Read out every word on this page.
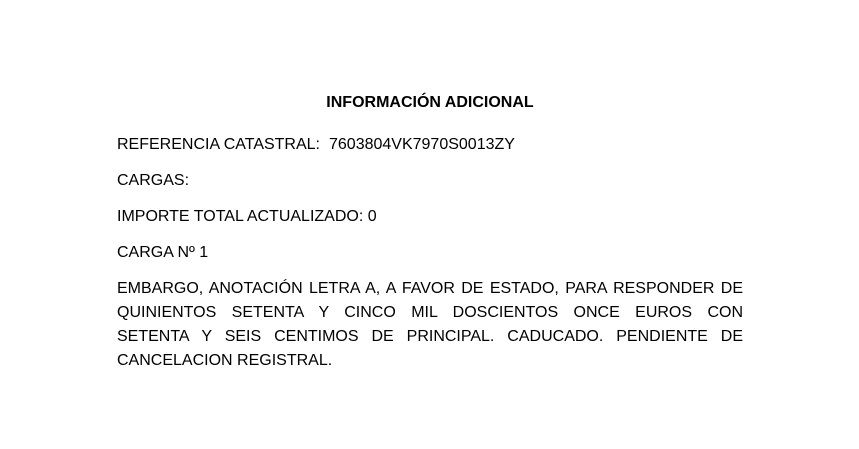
INFORMACIÓN ADICIONAL

REFERENCIA CATASTRAL: 7603804VK7970S0013ZY

CARGAS:

IMPORTE TOTAL ACTUALIZADO: 0

CARGA Nº 1

EMBARGO, ANOTACIÓN LETRA A, A FAVOR DE ESTADO, PARA RESPONDER DE
QUINIENTOS SETENTA Y CINCO MIL DOSCIENTOS ONCE EUROS CON
SETENTA Y SEIS CENTIMOS DE PRINCIPAL. CADUCADO. PENDIENTE DE
CANCELACION REGISTRAL.
